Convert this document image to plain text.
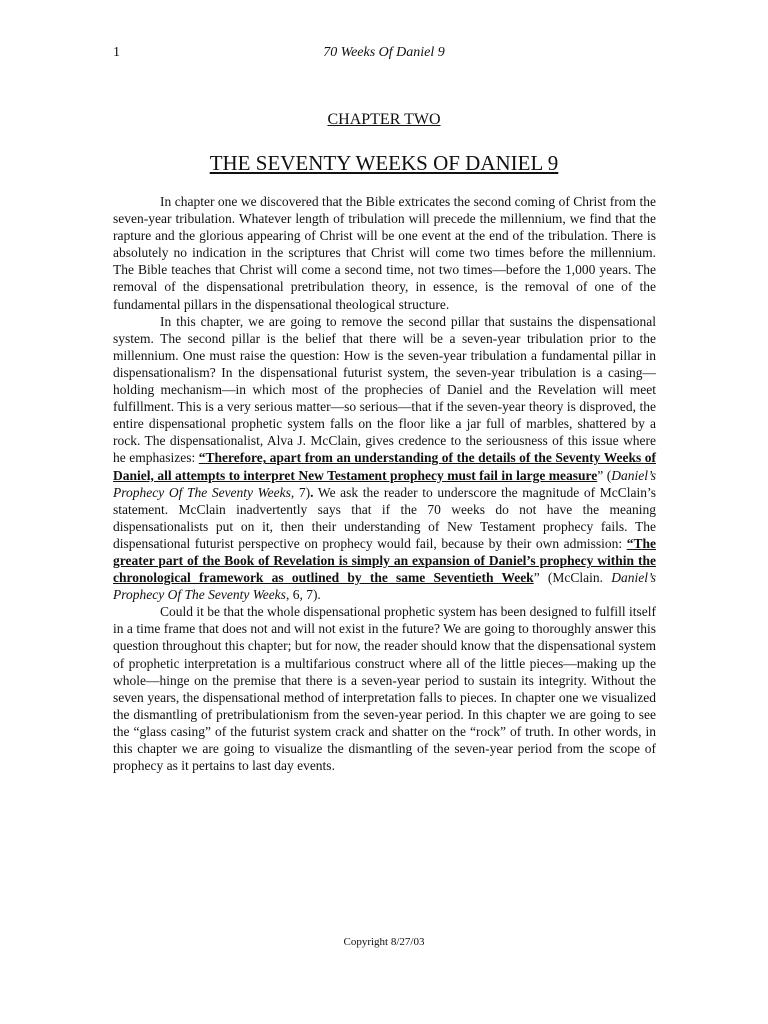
1	70 Weeks Of Daniel 9
CHAPTER TWO
THE SEVENTY WEEKS OF DANIEL 9

In chapter one we discovered that the Bible extricates the second coming of Christ from the seven-year tribulation. Whatever length of tribulation will precede the millennium, we find that the rapture and the glorious appearing of Christ will be one event at the end of the tribulation. There is absolutely no indication in the scriptures that Christ will come two times before the millennium. The Bible teaches that Christ will come a second time, not two times—before the 1,000 years. The removal of the dispensational pretribulation theory, in essence, is the removal of one of the fundamental pillars in the dispensational theological structure.

In this chapter, we are going to remove the second pillar that sustains the dispensational system. The second pillar is the belief that there will be a seven-year tribulation prior to the millennium. One must raise the question: How is the seven-year tribulation a fundamental pillar in dispensationalism? In the dispensational futurist system, the seven-year tribulation is a casing—holding mechanism—in which most of the prophecies of Daniel and the Revelation will meet fulfillment. This is a very serious matter—so serious—that if the seven-year theory is disproved, the entire dispensational prophetic system falls on the floor like a jar full of marbles, shattered by a rock. The dispensationalist, Alva J. McClain, gives credence to the seriousness of this issue where he emphasizes: “Therefore, apart from an understanding of the details of the Seventy Weeks of Daniel, all attempts to interpret New Testament prophecy must fail in large measure” (Daniel’s Prophecy Of The Seventy Weeks, 7). We ask the reader to underscore the magnitude of McClain’s statement. McClain inadvertently says that if the 70 weeks do not have the meaning dispensationalists put on it, then their understanding of New Testament prophecy fails. The dispensational futurist perspective on prophecy would fail, because by their own admission: “The greater part of the Book of Revelation is simply an expansion of Daniel’s prophecy within the chronological framework as outlined by the same Seventieth Week” (McClain. Daniel’s Prophecy Of The Seventy Weeks, 6, 7).

Could it be that the whole dispensational prophetic system has been designed to fulfill itself in a time frame that does not and will not exist in the future? We are going to thoroughly answer this question throughout this chapter; but for now, the reader should know that the dispensational system of prophetic interpretation is a multifarious construct where all of the little pieces—making up the whole—hinge on the premise that there is a seven-year period to sustain its integrity. Without the seven years, the dispensational method of interpretation falls to pieces. In chapter one we visualized the dismantling of pretribulationism from the seven-year period. In this chapter we are going to see the “glass casing” of the futurist system crack and shatter on the “rock” of truth. In other words, in this chapter we are going to visualize the dismantling of the seven-year period from the scope of prophecy as it pertains to last day events.

Copyright 8/27/03
